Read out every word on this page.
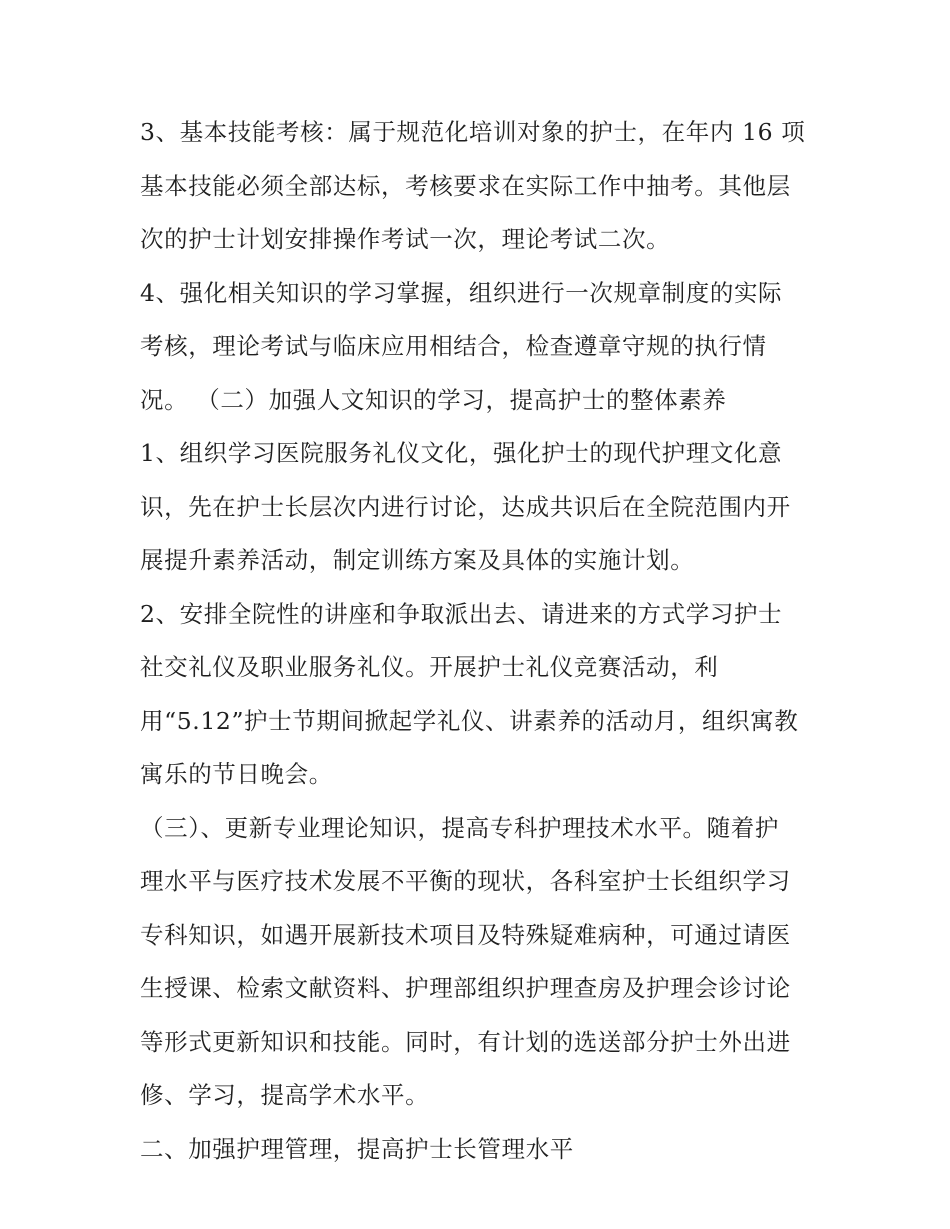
3、基本技能考核：属于规范化培训对象的护士，在年内 16 项
基本技能必须全部达标，考核要求在实际工作中抽考。其他层
次的护士计划安排操作考试一次，理论考试二次。
4、强化相关知识的学习掌握，组织进行一次规章制度的实际
考核，理论考试与临床应用相结合，检查遵章守规的执行情
况。 （二）加强人文知识的学习，提高护士的整体素养
1、组织学习医院服务礼仪文化，强化护士的现代护理文化意
识，先在护士长层次内进行讨论，达成共识后在全院范围内开
展提升素养活动，制定训练方案及具体的实施计划。
2、安排全院性的讲座和争取派出去、请进来的方式学习护士
社交礼仪及职业服务礼仪。开展护士礼仪竞赛活动，利
用“5.12”护士节期间掀起学礼仪、讲素养的活动月，组织寓教
寓乐的节日晚会。
（三）、更新专业理论知识，提高专科护理技术水平。随着护
理水平与医疗技术发展不平衡的现状，各科室护士长组织学习
专科知识，如遇开展新技术项目及特殊疑难病种，可通过请医
生授课、检索文献资料、护理部组织护理查房及护理会诊讨论
等形式更新知识和技能。同时，有计划的选送部分护士外出进
修、学习，提高学术水平。
二、加强护理管理，提高护士长管理水平
